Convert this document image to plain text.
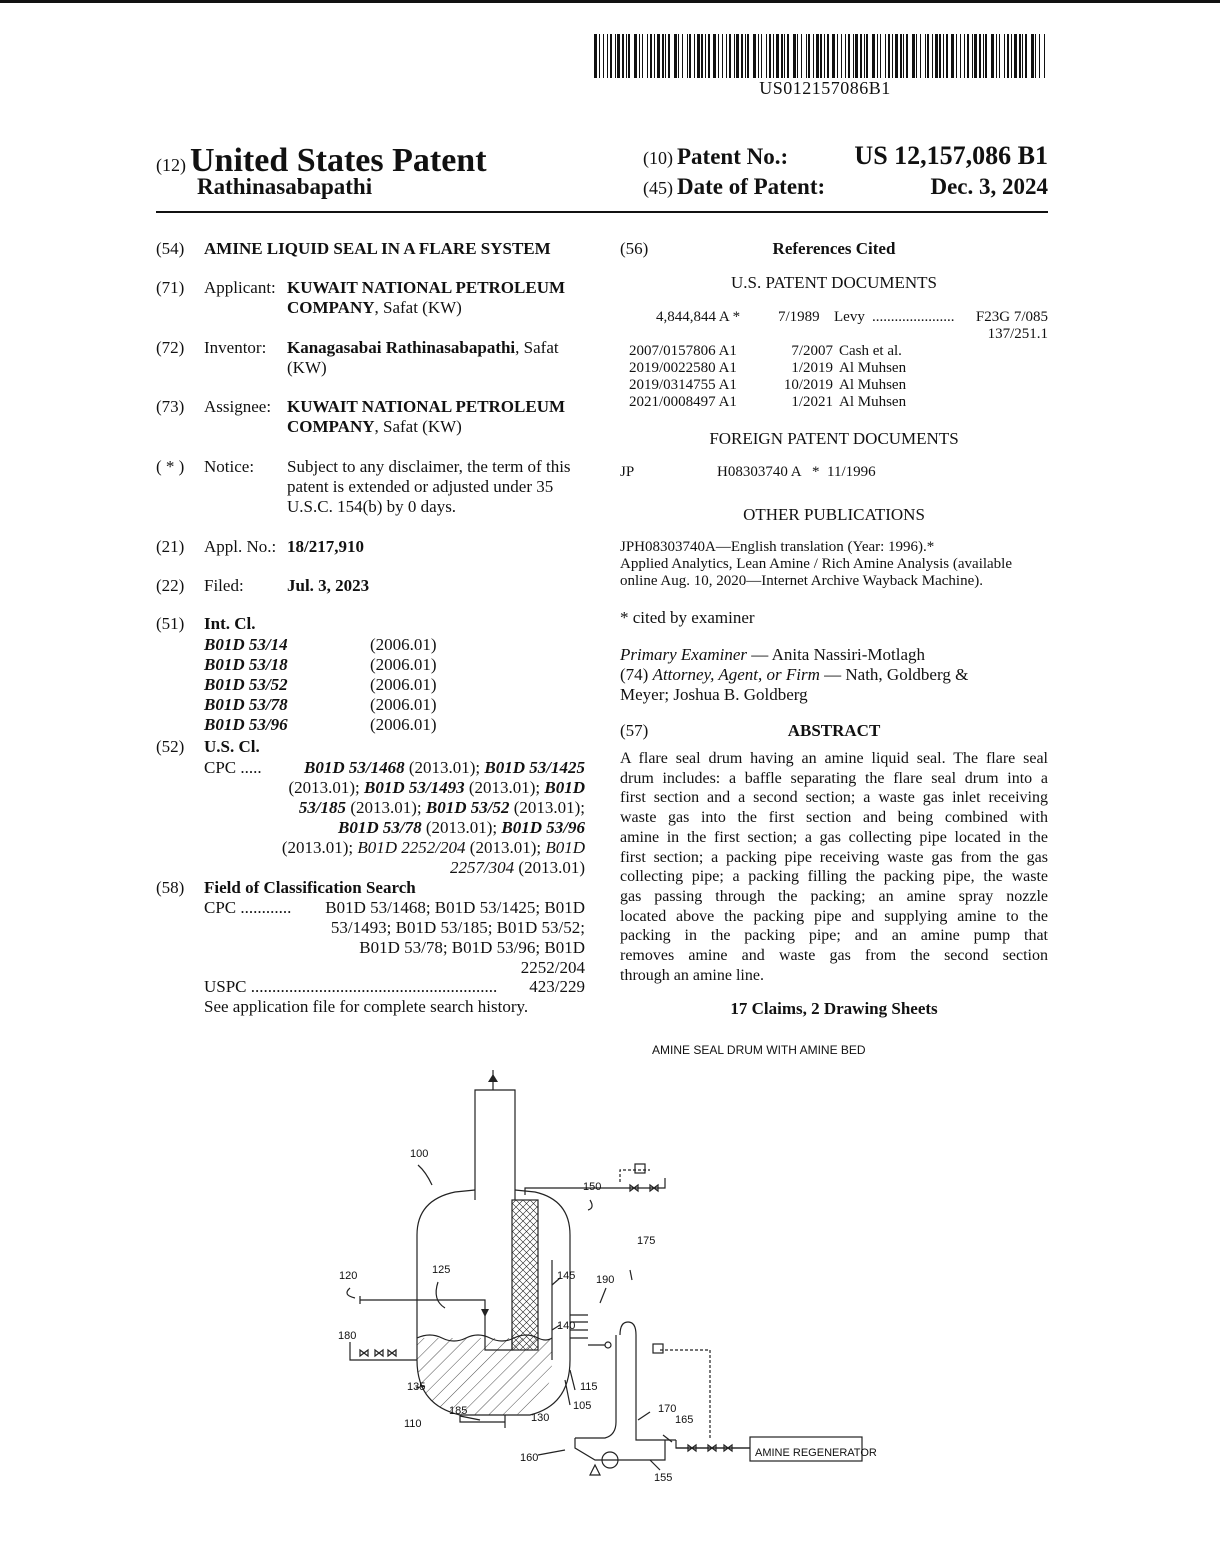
US012157086B1
(12) United States Patent
Rathinasabapathi
(10) Patent No.:	US 12,157,086 B1
(45) Date of Patent:	Dec. 3, 2024
(54) AMINE LIQUID SEAL IN A FLARE SYSTEM
(71) Applicant: KUWAIT NATIONAL PETROLEUM
COMPANY, Safat (KW)
(72) Inventor: Kanagasabai Rathinasabapathi, Safat
(KW)
(73) Assignee: KUWAIT NATIONAL PETROLEUM
COMPANY, Safat (KW)
( * ) Notice: Subject to any disclaimer, the term of this
patent is extended or adjusted under 35
U.S.C. 154(b) by 0 days.
(21) Appl. No.: 18/217,910
(22) Filed:	Jul. 3, 2023
(51) Int. Cl.
B01D 53/14	(2006.01)
B01D 53/18	(2006.01)
B01D 53/52	(2006.01)
B01D 53/78	(2006.01)
B01D 53/96	(2006.01)
(52) U.S. Cl.
CPC .....	B01D 53/1468 (2013.01); B01D 53/1425
(2013.01); B01D 53/1493 (2013.01); B01D
53/185 (2013.01); B01D 53/52 (2013.01);
B01D 53/78 (2013.01); B01D 53/96
(2013.01); B01D 2252/204 (2013.01); B01D
2257/304 (2013.01)
(58) Field of Classification Search
CPC ............	B01D 53/1468; B01D 53/1425; B01D
53/1493; B01D 53/185; B01D 53/52;
B01D 53/78; B01D 53/96; B01D
2252/204
USPC .......................................................... 423/229
See application file for complete search history.
(56)	References Cited
U.S. PATENT DOCUMENTS
4,844,844 A *	7/1989 Levy ......................	F23G 7/085
137/251.1
2007/0157806 A1	7/2007 Cash et al.
2019/0022580 A1	1/2019 Al Muhsen
2019/0314755 A1	10/2019 Al Muhsen
2021/0008497 A1	1/2021 Al Muhsen
FOREIGN PATENT DOCUMENTS
JP	H08303740 A   *  11/1996
OTHER PUBLICATIONS
JPH08303740A—English translation (Year: 1996).*
Applied Analytics, Lean Amine / Rich Amine Analysis (available
online Aug. 10, 2020—Internet Archive Wayback Machine).
* cited by examiner
Primary Examiner — Anita Nassiri-Motlagh
(74) Attorney, Agent, or Firm — Nath, Goldberg &
Meyer; Joshua B. Goldberg
(57)	ABSTRACT
A flare seal drum having an amine liquid seal. The flare seal
drum includes: a baffle separating the flare seal drum into a
first section and a second section; a waste gas inlet receiving
waste gas into the first section and being combined with
amine in the first section; a gas collecting pipe located in the
first section; a packing pipe receiving waste gas from the gas
collecting pipe; a packing filling the packing pipe, the waste
gas passing through the packing; an amine spray nozzle
located above the packing pipe and supplying amine to the
packing in the packing pipe; and an amine pump that
removes amine and waste gas from the second section
through an amine line.
17 Claims, 2 Drawing Sheets
AMINE SEAL DRUM WITH AMINE BED
100
120	125
180
135
110
185
130
160
145
140
150
175
190
115
105	170
165
155
AMINE REGENERATOR
